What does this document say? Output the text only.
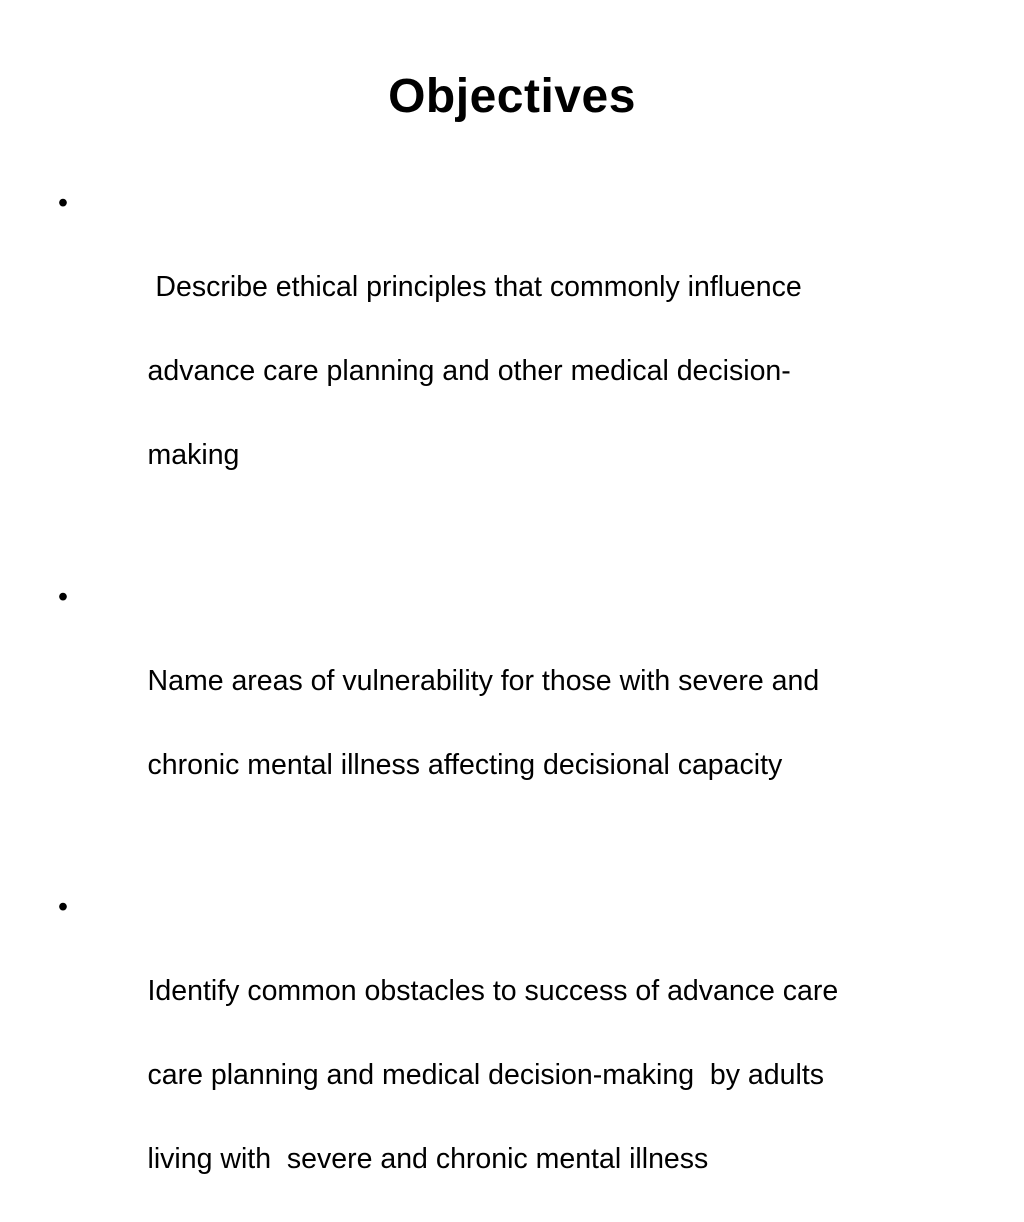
Objectives

•

Describe ethical principles that commonly influence

advance care planning and other medical decision-

making

•

Name areas of vulnerability for those with severe and

chronic mental illness affecting decisional capacity

•

Identify common obstacles to success of advance care

care planning and medical decision-making  by adults

living with  severe and chronic mental illness
